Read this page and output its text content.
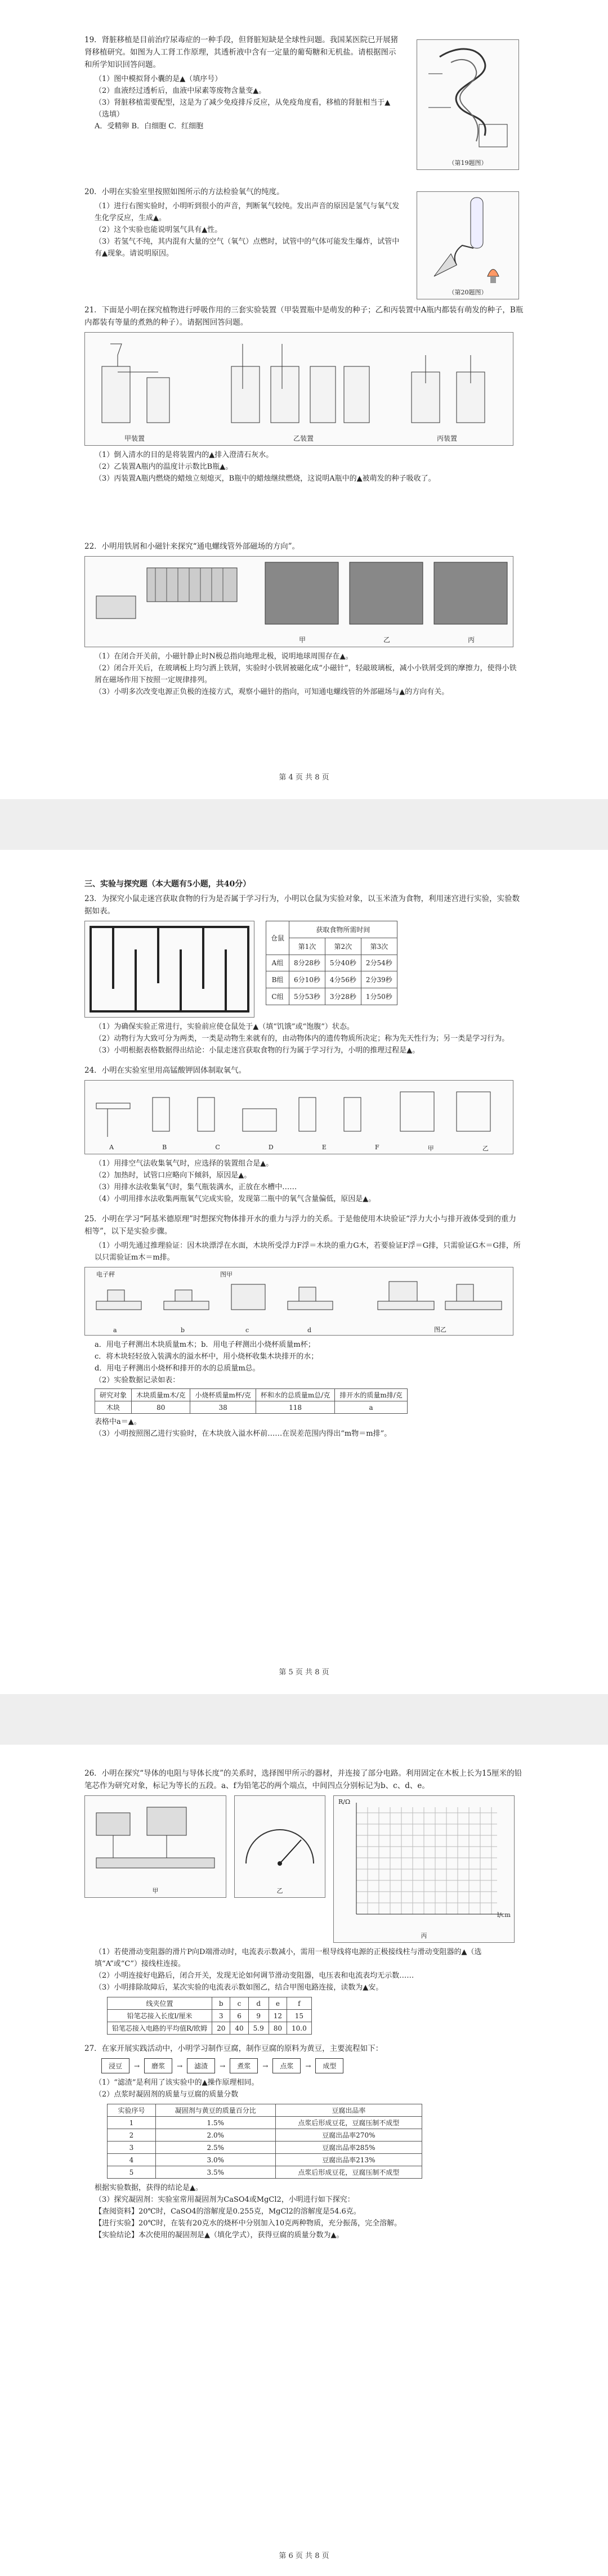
19．肾脏移植是目前治疗尿毒症的一种手段，但肾脏短缺是全球性问题。我国某医院已开展猪肾移植研究。如图为人工肾工作原理，其透析液中含有一定量的葡萄糖和无机盐。请根据图示和所学知识回答问题。
（1）图中模拟肾小囊的是▲（填序号）
（2）血液经过透析后，血液中尿素等废物含量变▲。
（3）肾脏移植需要配型，这是为了减少免疫排斥反应，从免疫角度看，移植的肾脏相当于▲（选填）
A．受精卵 B．白细胞 C．红细胞
（第19题图）
20．小明在实验室里按照如图所示的方法检验氧气的纯度。
（1）进行右图实验时，小明听到很小的声音，判断氧气较纯。发出声音的原因是氢气与氧气发生化学反应，生成▲。
（2）这个实验也能说明氢气具有▲性。
（3）若氢气不纯，其内混有大量的空气（氧气）点燃时，试管中的气体可能发生爆炸，试管中有▲现象。请说明原因。
（第20题图）
21．下面是小明在探究植物进行呼吸作用的三套实验装置（甲装置瓶中是萌发的种子；乙和丙装置中A瓶内都装有萌发的种子，B瓶内都装有等量的煮熟的种子）。请据图回答问题。
甲装置	乙装置	丙装置
（1）倒入清水的目的是将装置内的▲排入澄清石灰水。
（2）乙装置A瓶内的温度计示数比B瓶▲。
（3）丙装置A瓶内燃烧的蜡烛立刻熄灭，B瓶中的蜡烛继续燃烧，这说明A瓶中的▲被萌发的种子吸收了。
22．小明用铁屑和小磁针来探究“通电螺线管外部磁场的方向”。
甲	乙	丙
（1）在闭合开关前，小磁针静止时N极总指向地理北极，说明地球周围存在▲。
（2）闭合开关后，在玻璃板上均匀洒上铁屑，实验时小铁屑被磁化成“小磁针”，轻敲玻璃板，减小小铁屑受到的摩擦力，使得小铁屑在磁场作用下按照一定规律排列。
（3）小明多次改变电源正负极的连接方式，观察小磁针的指向，可知通电螺线管的外部磁场与▲的方向有关。
第 4 页 共 8 页
三、实验与探究题（本大题有5小题，共40分）
23．为探究小鼠走迷宫获取食物的行为是否属于学习行为，小明以仓鼠为实验对象，以玉米渣为食物，利用迷宫进行实验，实验数据如表。
仓鼠	获取食物所需时间		
	第1次	第2次	第3次
A组	8分28秒	5分40秒	2分54秒
B组	6分10秒	4分56秒	2分39秒
C组	5分53秒	3分28秒	1分50秒
（1）为确保实验正常进行，实验前应使仓鼠处于▲（填“饥饿”或“饱腹”）状态。
（2）动物行为大致可分为两类，一类是动物生来就有的，由动物体内的遗传物质所决定；称为先天性行为；另一类是学习行为。
（3）小明根据表格数据得出结论：小鼠走迷宫获取食物的行为属于学习行为，小明的推理过程是▲。
24．小明在实验室里用高锰酸钾固体制取氧气。
A	B	C	D	E	F	甲	乙
（1）用排空气法收集氧气时，应选择的装置组合是▲。
（2）加热时，试管口应略向下倾斜，原因是▲。
（3）用排水法收集氧气时，集气瓶装满水，正放在水槽中……
（4）小明用排水法收集两瓶氧气完成实验，发现第二瓶中的氧气含量偏低，原因是▲。
25．小明在学习“阿基米德原理”时想探究物体排开水的重力与浮力的关系。于是他使用木块验证“浮力大小与排开液体受到的重力相等”，以下是实验步骤。
（1）小明先通过推理验证：因木块漂浮在水面，木块所受浮力F浮＝木块的重力G木，若要验证F浮＝G排，只需验证G木＝G排，所以只需验证m木＝m排。
电子秤
a	b	c	d
图甲
图乙
a．用电子秤测出木块质量m木；b．用电子秤测出小烧杯质量m杯；
c．将木块轻轻放入装满水的溢水杯中，用小烧杯收集木块排开的水；
d．用电子秤测出小烧杯和排开的水的总质量m总。
（2）实验数据记录如表：
研究对象	木块质量m木/克	小烧杯质量m杯/克	杯和水的总质量m总/克	排开水的质量m排/克
木块	80	38	118	a
表格中a＝▲。
（3）小明按照图乙进行实验时，在木块放入溢水杯前……在误差范围内得出“m物＝m排”。
第 5 页 共 8 页
26．小明在探究“导体的电阻与导体长度”的关系时，选择图甲所示的器材，并连接了部分电路。利用固定在木板上长为15厘米的铅笔芯作为研究对象，标记为等长的五段。a、f为铅笔芯的两个端点，中间四点分别标记为b、c、d、e。
甲	乙
R/Ω
l/cm
丙
（1）若使滑动变阻器的滑片P向D端滑动时，电流表示数减小，需用一根导线将电源的正极接线柱与滑动变阻器的▲（选填“A”或“C”）接线柱连接。
（2）小明连接好电路后，闭合开关，发现无论如何调节滑动变阻器，电压表和电流表均无示数……
（3）小明排除故障后，某次实验的电流表示数如图乙，结合甲图电路连接，读数为▲安。
线夹位置	b	c	d	e	f
铅笔芯接入长度l/厘米	3	6	9	12	15
铅笔芯接入电路的平均值R/欧姆	20	40	5.9	80	10.0
27．在家开展实践活动中，小明学习制作豆腐，制作豆腐的原料为黄豆，主要流程如下：
浸豆	→	磨浆	→	滤渣	→	煮浆	→	点浆	→	成型
（1）“滤渣”是利用了该实验中的▲操作原理相同。
（2）点浆时凝固剂的质量与豆腐的质量分数
实验序号	凝固剂与黄豆的质量百分比	豆腐出品率
1	1.5%	点浆后形成豆花，豆腐压制不成型
2	2.0%	豆腐出品率270%
3	2.5%	豆腐出品率285%
4	3.0%	豆腐出品率213%
5	3.5%	点浆后形成豆花，豆腐压制不成型
根据实验数据，获得的结论是▲。
（3）探究凝固剂：实验室常用凝固剂为CaSO4或MgCl2，小明进行如下探究：
【查阅资料】20℃时，CaSO4的溶解度是0.255克，MgCl2的溶解度是54.6克。
【进行实验】20℃时，在装有20克水的烧杯中分别加入10克两种物质，充分振荡，完全溶解。
【实验结论】本次使用的凝固剂是▲（填化学式），获得豆腐的质量分数为▲。
第 6 页 共 8 页
